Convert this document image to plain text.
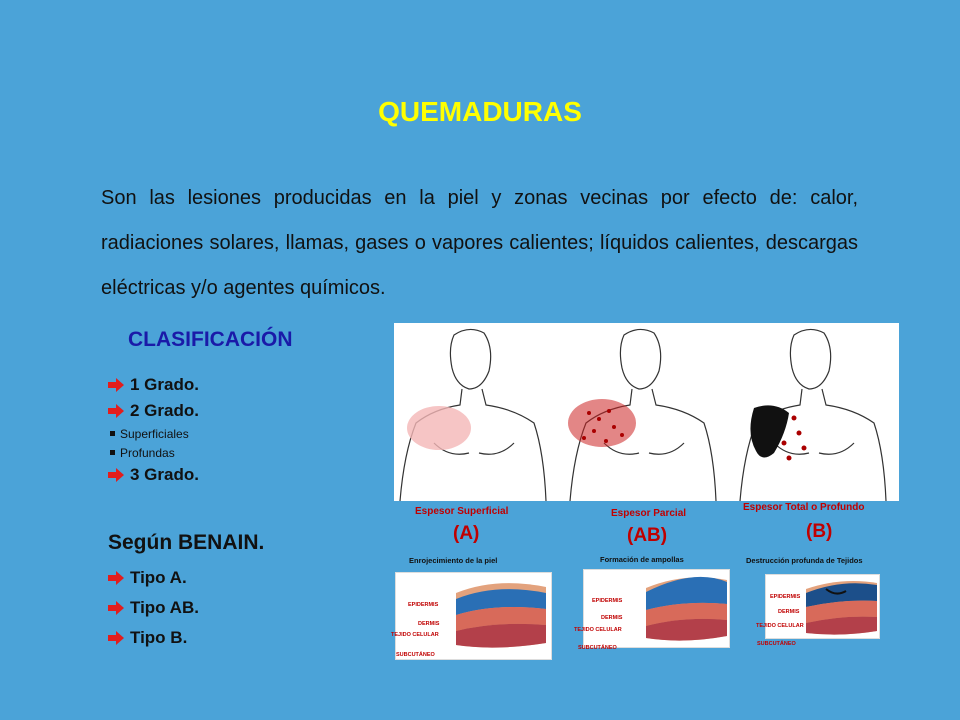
QUEMADURAS
Son las lesiones producidas en la piel y zonas vecinas por efecto de: calor, radiaciones solares, llamas, gases o vapores calientes; líquidos calientes, descargas eléctricas y/o agentes químicos.
CLASIFICACIÓN
1 Grado.
2 Grado.
Superficiales
Profundas
3 Grado.
Según BENAIN.
Tipo A.
Tipo AB.
Tipo B.
Espesor Superficial
(A)
Enrojecimiento de la piel
Espesor Parcial
(AB)
Formación de ampollas
Espesor Total o Profundo
(B)
Destrucción profunda de Tejidos
EPIDERMIS
DERMIS
TEJIDO CELULAR
SUBCUTÁNEO
EPIDERMIS
DERMIS
TEJIDO CELULAR
SUBCUTÁNEO
EPIDERMIS
DERMIS
TEJIDO CELULAR
SUBCUTÁNEO
